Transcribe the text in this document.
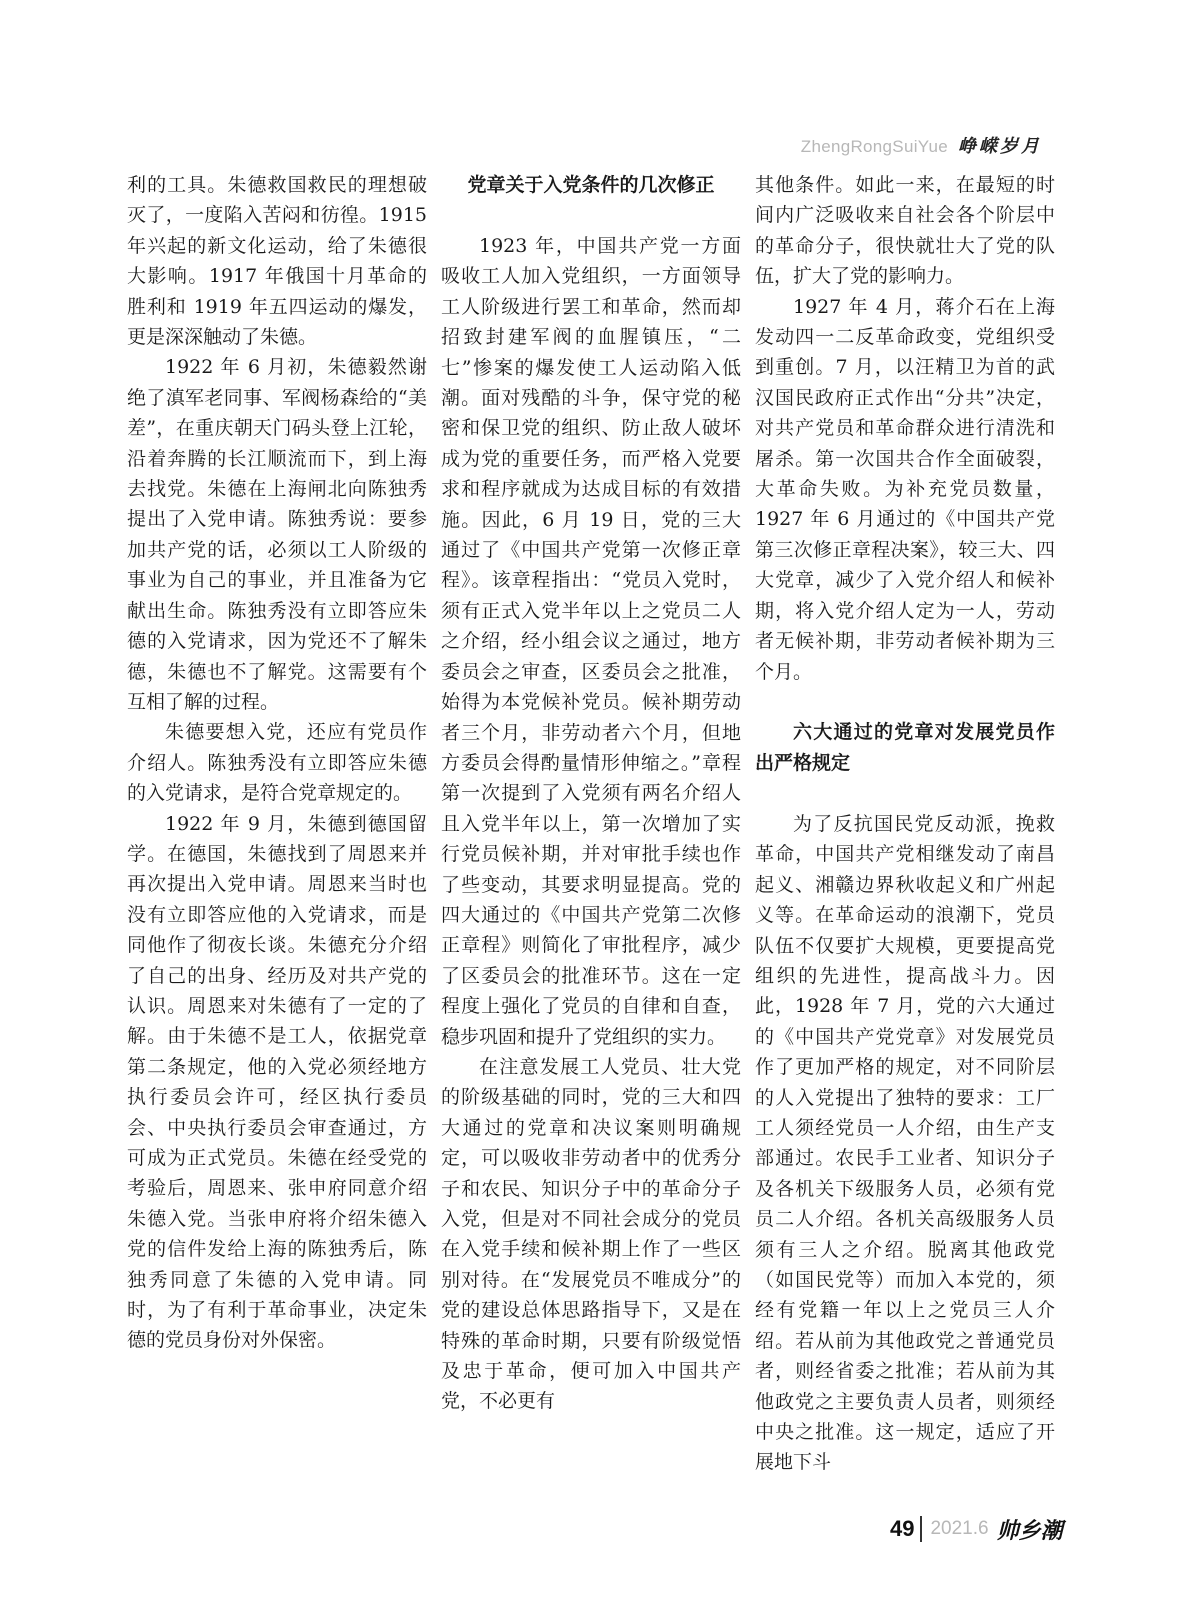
ZhengRongSuiYue 峥嵘岁月

利的工具。朱德救国救民的理想破灭了，一度陷入苦闷和彷徨。1915 年兴起的新文化运动，给了朱德很大影响。1917 年俄国十月革命的胜利和 1919 年五四运动的爆发，更是深深触动了朱德。

1922 年 6 月初，朱德毅然谢绝了滇军老同事、军阀杨森给的“美差”，在重庆朝天门码头登上江轮，沿着奔腾的长江顺流而下，到上海去找党。朱德在上海闸北向陈独秀提出了入党申请。陈独秀说：要参加共产党的话，必须以工人阶级的事业为自己的事业，并且准备为它献出生命。陈独秀没有立即答应朱德的入党请求，因为党还不了解朱德，朱德也不了解党。这需要有个互相了解的过程。

朱德要想入党，还应有党员作介绍人。陈独秀没有立即答应朱德的入党请求，是符合党章规定的。

1922 年 9 月，朱德到德国留学。在德国，朱德找到了周恩来并再次提出入党申请。周恩来当时也没有立即答应他的入党请求，而是同他作了彻夜长谈。朱德充分介绍了自己的出身、经历及对共产党的认识。周恩来对朱德有了一定的了解。由于朱德不是工人，依据党章第二条规定，他的入党必须经地方执行委员会许可，经区执行委员会、中央执行委员会审查通过，方可成为正式党员。朱德在经受党的考验后，周恩来、张申府同意介绍朱德入党。当张申府将介绍朱德入党的信件发给上海的陈独秀后，陈独秀同意了朱德的入党申请。同时，为了有利于革命事业，决定朱德的党员身份对外保密。

党章关于入党条件的几次修正

1923 年，中国共产党一方面吸收工人加入党组织，一方面领导工人阶级进行罢工和革命，然而却招致封建军阀的血腥镇压，“二七”惨案的爆发使工人运动陷入低潮。面对残酷的斗争，保守党的秘密和保卫党的组织、防止敌人破坏成为党的重要任务，而严格入党要求和程序就成为达成目标的有效措施。因此，6 月 19 日，党的三大通过了《中国共产党第一次修正章程》。该章程指出：“党员入党时，须有正式入党半年以上之党员二人之介绍，经小组会议之通过，地方委员会之审查，区委员会之批准，始得为本党候补党员。候补期劳动者三个月，非劳动者六个月，但地方委员会得酌量情形伸缩之。”章程第一次提到了入党须有两名介绍人且入党半年以上，第一次增加了实行党员候补期，并对审批手续也作了些变动，其要求明显提高。党的四大通过的《中国共产党第二次修正章程》则简化了审批程序，减少了区委员会的批准环节。这在一定程度上强化了党员的自律和自查，稳步巩固和提升了党组织的实力。

在注意发展工人党员、壮大党的阶级基础的同时，党的三大和四大通过的党章和决议案则明确规定，可以吸收非劳动者中的优秀分子和农民、知识分子中的革命分子入党，但是对不同社会成分的党员在入党手续和候补期上作了一些区别对待。在“发展党员不唯成分”的党的建设总体思路指导下，又是在特殊的革命时期，只要有阶级觉悟及忠于革命，便可加入中国共产党，不必更有

其他条件。如此一来，在最短的时间内广泛吸收来自社会各个阶层中的革命分子，很快就壮大了党的队伍，扩大了党的影响力。

1927 年 4 月，蒋介石在上海发动四一二反革命政变，党组织受到重创。7 月，以汪精卫为首的武汉国民政府正式作出“分共”决定，对共产党员和革命群众进行清洗和屠杀。第一次国共合作全面破裂，大革命失败。为补充党员数量，1927 年 6 月通过的《中国共产党第三次修正章程决案》，较三大、四大党章，减少了入党介绍人和候补期，将入党介绍人定为一人，劳动者无候补期，非劳动者候补期为三个月。

六大通过的党章对发展党员作出严格规定

为了反抗国民党反动派，挽救革命，中国共产党相继发动了南昌起义、湘赣边界秋收起义和广州起义等。在革命运动的浪潮下，党员队伍不仅要扩大规模，更要提高党组织的先进性，提高战斗力。因此，1928 年 7 月，党的六大通过的《中国共产党党章》对发展党员作了更加严格的规定，对不同阶层的人入党提出了独特的要求：工厂工人须经党员一人介绍，由生产支部通过。农民手工业者、知识分子及各机关下级服务人员，必须有党员二人介绍。各机关高级服务人员须有三人之介绍。脱离其他政党（如国民党等）而加入本党的，须经有党籍一年以上之党员三人介绍。若从前为其他政党之普通党员者，则经省委之批准；若从前为其他政党之主要负责人员者，则须经中央之批准。这一规定，适应了开展地下斗

49 2021.6 帅乡潮
